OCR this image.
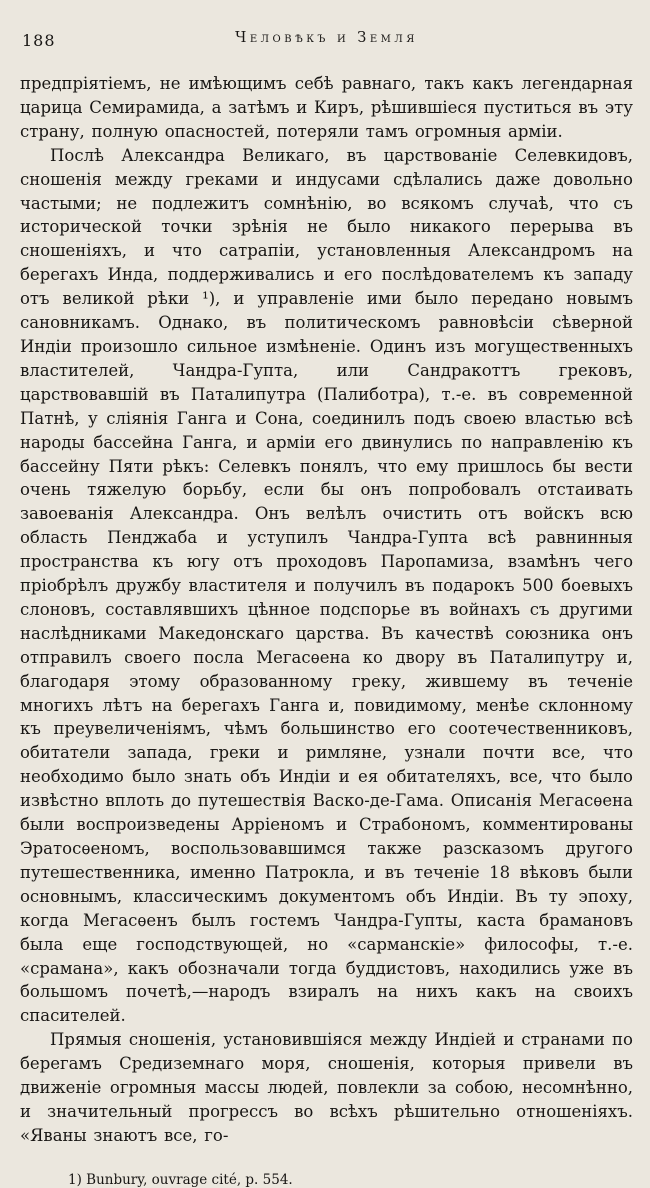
188	Человѣкъ и Земля

предпріятіемъ, не имѣющимъ себѣ равнаго, такъ какъ легендарная царица Семирамида, а затѣмъ и Киръ, рѣшившіеся пуститься въ эту страну, полную опасностей, потеряли тамъ огромныя арміи.

Послѣ Александра Великаго, въ царствованіе Селевкидовъ, сношенія между греками и индусами сдѣлались даже довольно частыми; не подлежитъ сомнѣнію, во всякомъ случаѣ, что съ исторической точки зрѣнія не было никакого перерыва въ сношеніяхъ, и что сатрапіи, установленныя Александромъ на берегахъ Инда, поддерживались и его послѣдователемъ къ западу отъ великой рѣки ¹), и управленіе ими было передано новымъ сановникамъ. Однако, въ политическомъ равновѣсіи сѣверной Индіи произошло сильное измѣненіе. Одинъ изъ могущественныхъ властителей, Чандра-Гупта, или Сандракоттъ грековъ, царствовавшій въ Паталипутра (Палиботра), т.-е. въ современной Патнѣ, у сліянія Ганга и Сона, соединилъ подъ своею властью всѣ народы бассейна Ганга, и арміи его двинулись по направленію къ бассейну Пяти рѣкъ: Селевкъ понялъ, что ему пришлось бы вести очень тяжелую борьбу, если бы онъ попробовалъ отстаивать завоеванія Александра. Онъ велѣлъ очистить отъ войскъ всю область Пенджаба и уступилъ Чандра-Гупта всѣ равнинныя пространства къ югу отъ проходовъ Паропамиза, взамѣнъ чего пріобрѣлъ дружбу властителя и получилъ въ подарокъ 500 боевыхъ слоновъ, составлявшихъ цѣнное подспорье въ войнахъ съ другими наслѣдниками Македонскаго царства. Въ качествѣ союзника онъ отправилъ своего посла Мегасѳена ко двору въ Паталипутру и, благодаря этому образованному греку, жившему въ теченіе многихъ лѣтъ на берегахъ Ганга и, повидимому, менѣе склонному къ преувеличеніямъ, чѣмъ большинство его соотечественниковъ, обитатели запада, греки и римляне, узнали почти все, что необходимо было знать объ Индіи и ея обитателяхъ, все, что было извѣстно вплоть до путешествія Васко-де-Гама. Описанія Мегасѳена были воспроизведены Арріеномъ и Страбономъ, комментированы Эратосѳеномъ, воспользовавшимся также разсказомъ другого путешественника, именно Патрокла, и въ теченіе 18 вѣковъ были основнымъ, классическимъ документомъ объ Индіи. Въ ту эпоху, когда Мегасѳенъ былъ гостемъ Чандра-Гупты, каста брамановъ была еще господствующей, но «сарманскіе» философы, т.-е. «срамана», какъ обозначали тогда буддистовъ, находились уже въ большомъ почетѣ,—народъ взиралъ на нихъ какъ на своихъ спасителей.

Прямыя сношенія, установившіяся между Индіей и странами по берегамъ Средиземнаго моря, сношенія, которыя привели въ движеніе огромныя массы людей, повлекли за собою, несомнѣнно, и значительный прогрессъ во всѣхъ рѣшительно отношеніяхъ. «Яваны знаютъ все, го-

1) Bunbury, ouvrage cité, p. 554.
